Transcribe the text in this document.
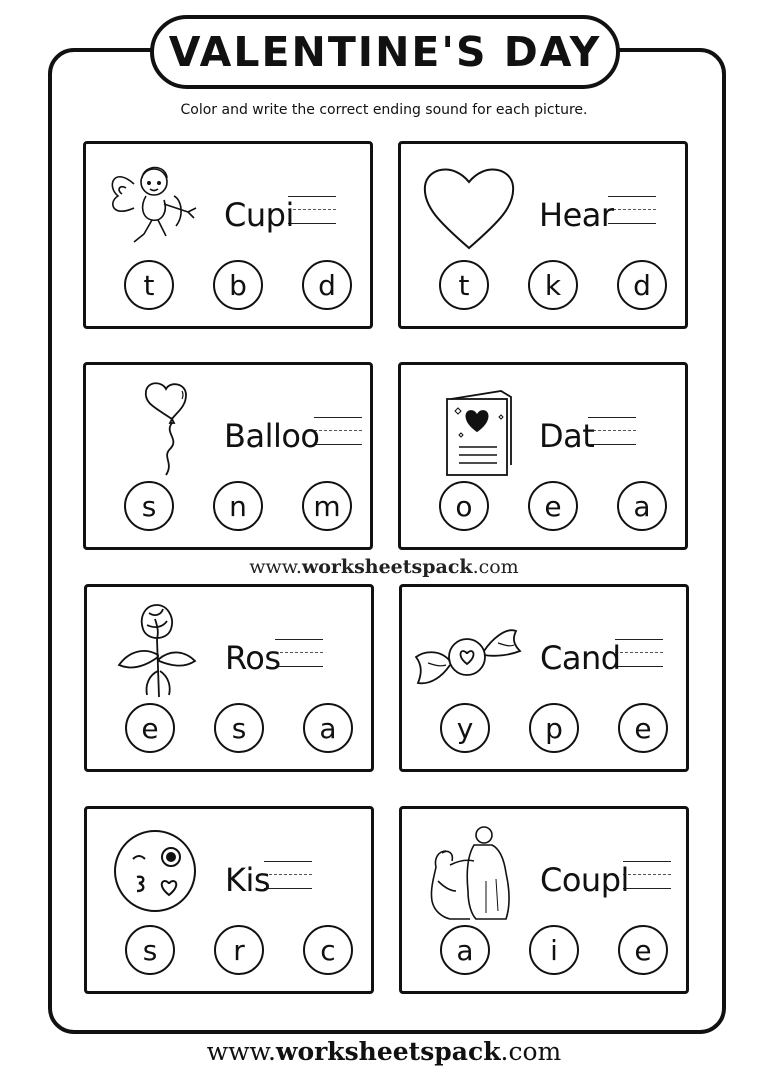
VALENTINE'S DAY
Color and write the correct ending sound for each picture.
Cupi
t	b	d
Hear
t	k	d
Balloo
s	n	m
Dat
o	e	a
www.worksheetspack.com
Ros
e	s	a
Cand
y	p	e
Kis
s	r	c
Coupl
a	i	e
www.worksheetspack.com
